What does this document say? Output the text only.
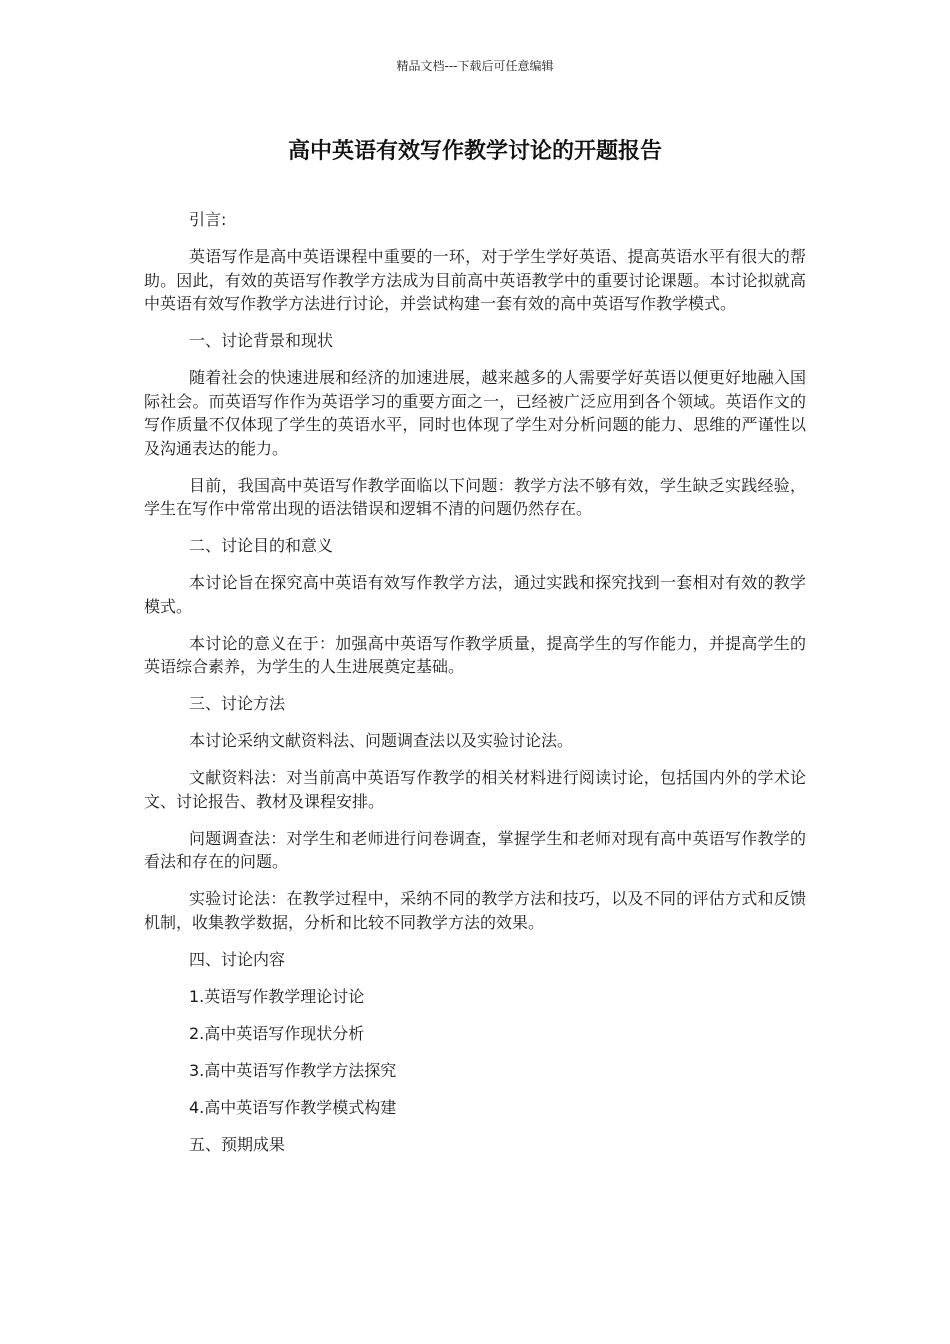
精品文档---下载后可任意编辑
高中英语有效写作教学讨论的开题报告

引言:

英语写作是高中英语课程中重要的一环，对于学生学好英语、提高英语水平有很大的帮助。因此，有效的英语写作教学方法成为目前高中英语教学中的重要讨论课题。本讨论拟就高中英语有效写作教学方法进行讨论，并尝试构建一套有效的高中英语写作教学模式。

一、讨论背景和现状

随着社会的快速进展和经济的加速进展，越来越多的人需要学好英语以便更好地融入国际社会。而英语写作作为英语学习的重要方面之一，已经被广泛应用到各个领域。英语作文的写作质量不仅体现了学生的英语水平，同时也体现了学生对分析问题的能力、思维的严谨性以及沟通表达的能力。

目前，我国高中英语写作教学面临以下问题：教学方法不够有效，学生缺乏实践经验，学生在写作中常常出现的语法错误和逻辑不清的问题仍然存在。

二、讨论目的和意义

本讨论旨在探究高中英语有效写作教学方法，通过实践和探究找到一套相对有效的教学模式。

本讨论的意义在于：加强高中英语写作教学质量，提高学生的写作能力，并提高学生的英语综合素养，为学生的人生进展奠定基础。

三、讨论方法

本讨论采纳文献资料法、问题调查法以及实验讨论法。

文献资料法：对当前高中英语写作教学的相关材料进行阅读讨论，包括国内外的学术论文、讨论报告、教材及课程安排。

问题调查法：对学生和老师进行问卷调查，掌握学生和老师对现有高中英语写作教学的看法和存在的问题。

实验讨论法：在教学过程中，采纳不同的教学方法和技巧，以及不同的评估方式和反馈机制，收集教学数据，分析和比较不同教学方法的效果。

四、讨论内容

1.英语写作教学理论讨论

2.高中英语写作现状分析

3.高中英语写作教学方法探究

4.高中英语写作教学模式构建

五、预期成果
